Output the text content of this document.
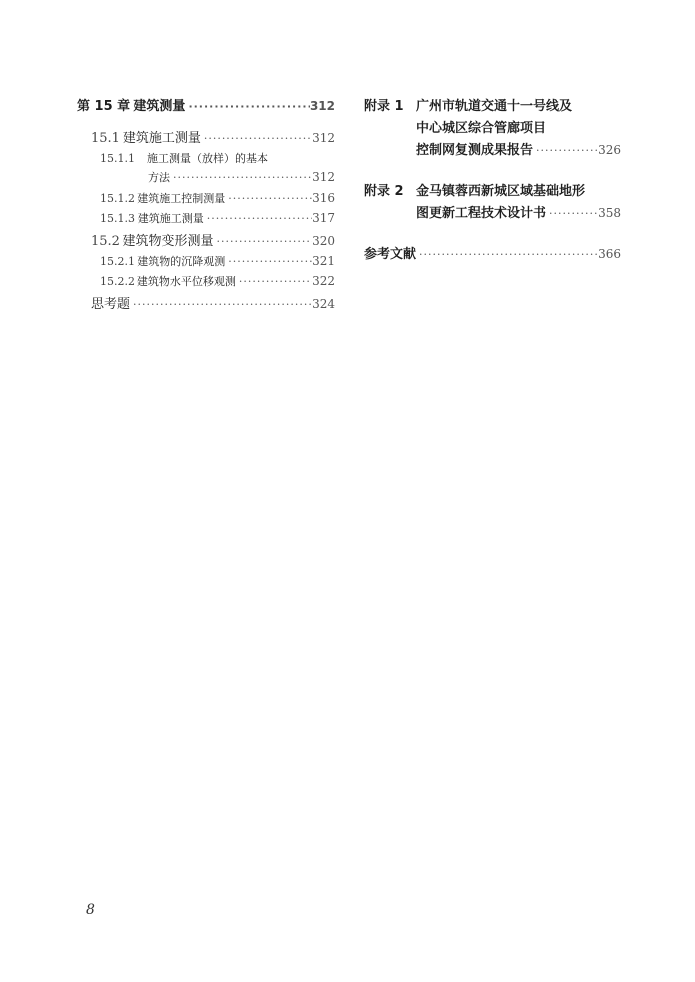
第 15 章 建筑测量 ·····	312
15.1 建筑施工测量 ·····	312
15.1.1 施工测量（放样）的基本
方法 ·····	312
15.1.2 建筑施工控制测量 ·····	316
15.1.3 建筑施工测量 ·····	317
15.2 建筑物变形测量 ·····	320
15.2.1 建筑物的沉降观测 ·····	321
15.2.2 建筑物水平位移观测 ·····	322
思考题 ·····	324
附录 1 广州市轨道交通十一号线及
中心城区综合管廊项目
控制网复测成果报告 ·····	326
附录 2 金马镇蓉西新城区域基础地形
图更新工程技术设计书 ·····	358
参考文献 ·····	366
8
